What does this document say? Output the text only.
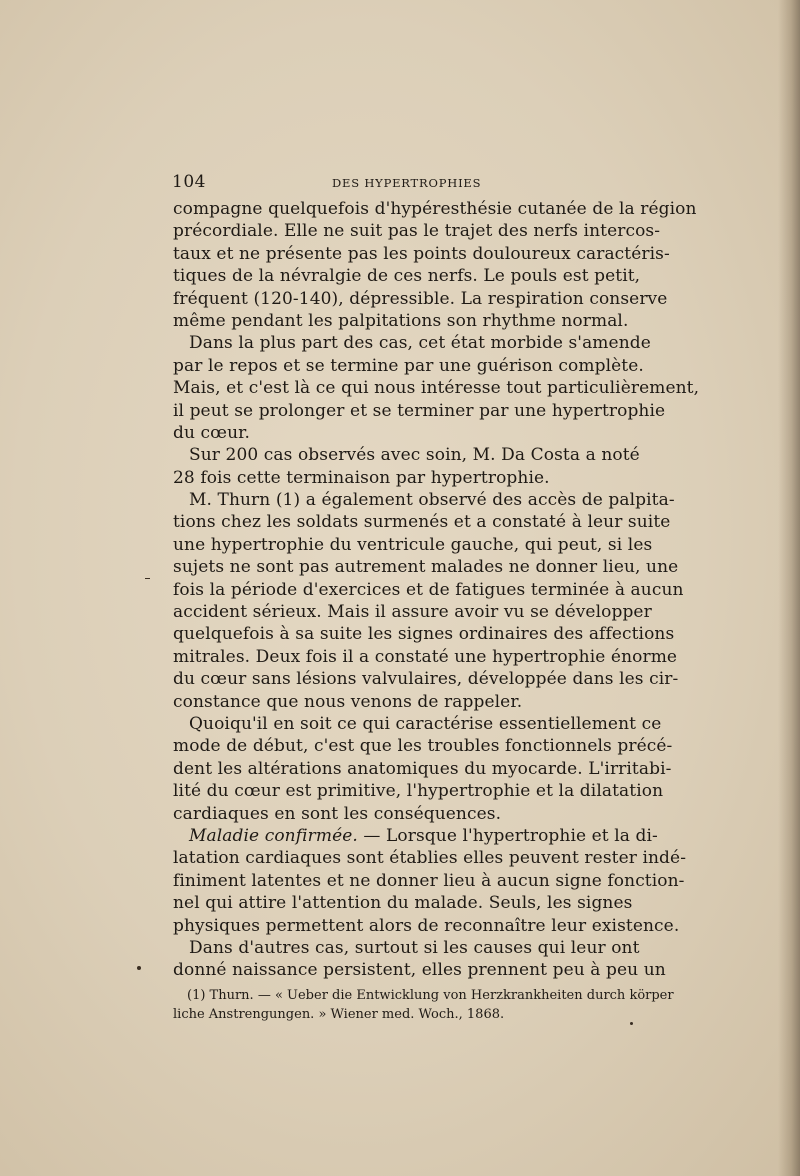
104	DES HYPERTROPHIES
compagne quelquefois d'hypéresthésie cutanée de la région
précordiale. Elle ne suit pas le trajet des nerfs intercos-
taux et ne présente pas les points douloureux caractéris-
tiques de la névralgie de ces nerfs. Le pouls est petit,
fréquent (120-140), dépressible. La respiration conserve
même pendant les palpitations son rhythme normal.
Dans la plus part des cas, cet état morbide s'amende
par le repos et se termine par une guérison complète.
Mais, et c'est là ce qui nous intéresse tout particulièrement,
il peut se prolonger et se terminer par une hypertrophie
du cœur.
Sur 200 cas observés avec soin, M. Da Costa a noté
28 fois cette terminaison par hypertrophie.
M. Thurn (1) a également observé des accès de palpita-
tions chez les soldats surmenés et a constaté à leur suite
une hypertrophie du ventricule gauche, qui peut, si les
sujets ne sont pas autrement malades ne donner lieu, une
fois la période d'exercices et de fatigues terminée à aucun
accident sérieux. Mais il assure avoir vu se développer
quelquefois à sa suite les signes ordinaires des affections
mitrales. Deux fois il a constaté une hypertrophie énorme
du cœur sans lésions valvulaires, développée dans les cir-
constance que nous venons de rappeler.
Quoiqu'il en soit ce qui caractérise essentiellement ce
mode de début, c'est que les troubles fonctionnels précé-
dent les altérations anatomiques du myocarde. L'irritabi-
lité du cœur est primitive, l'hypertrophie et la dilatation
cardiaques en sont les conséquences.
Maladie confirmée. — Lorsque l'hypertrophie et la di-
latation cardiaques sont établies elles peuvent rester indé-
finiment latentes et ne donner lieu à aucun signe fonction-
nel qui attire l'attention du malade. Seuls, les signes
physiques permettent alors de reconnaître leur existence.
Dans d'autres cas, surtout si les causes qui leur ont
donné naissance persistent, elles prennent peu à peu un
(1) Thurn. — « Ueber die Entwicklung von Herzkrankheiten durch körper
liche Anstrengungen. » Wiener med. Woch., 1868.
